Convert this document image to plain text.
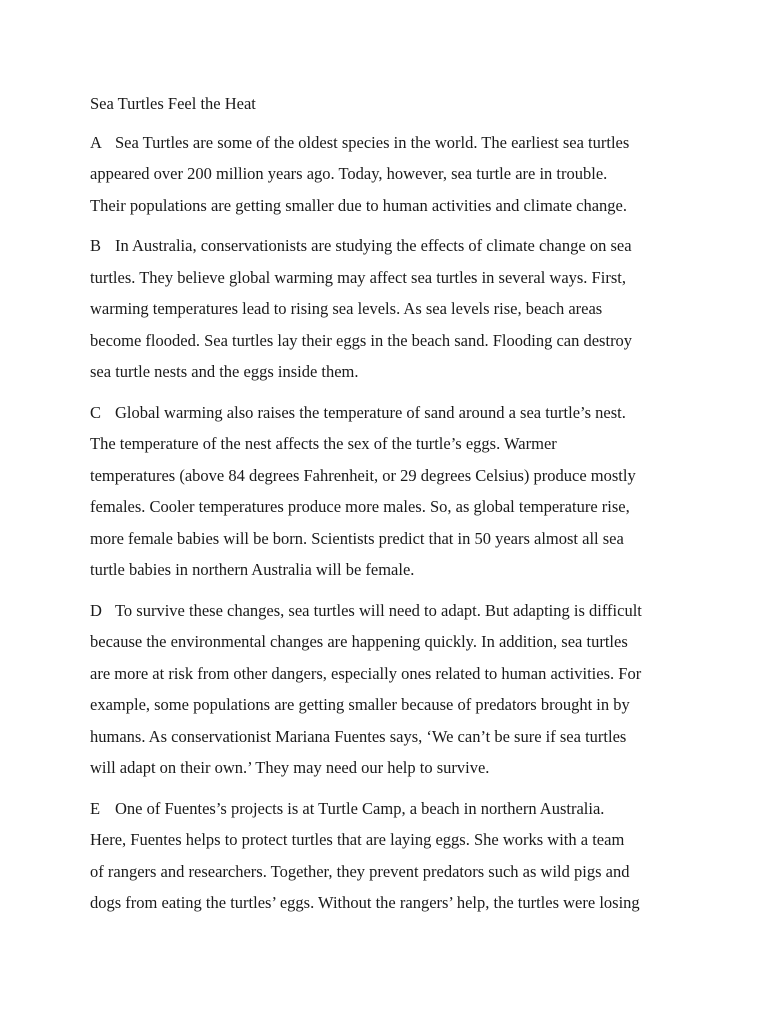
Sea Turtles Feel the Heat
A Sea Turtles are some of the oldest species in the world. The earliest sea turtles
appeared over 200 million years ago. Today, however, sea turtle are in trouble.
Their populations are getting smaller due to human activities and climate change.
B In Australia, conservationists are studying the effects of climate change on sea
turtles. They believe global warming may affect sea turtles in several ways. First,
warming temperatures lead to rising sea levels. As sea levels rise, beach areas
become flooded. Sea turtles lay their eggs in the beach sand. Flooding can destroy
sea turtle nests and the eggs inside them.
C Global warming also raises the temperature of sand around a sea turtle’s nest.
The temperature of the nest affects the sex of the turtle’s eggs. Warmer
temperatures (above 84 degrees Fahrenheit, or 29 degrees Celsius) produce mostly
females. Cooler temperatures produce more males. So, as global temperature rise,
more female babies will be born. Scientists predict that in 50 years almost all sea
turtle babies in northern Australia will be female.
D To survive these changes, sea turtles will need to adapt. But adapting is difficult
because the environmental changes are happening quickly. In addition, sea turtles
are more at risk from other dangers, especially ones related to human activities. For
example, some populations are getting smaller because of predators brought in by
humans. As conservationist Mariana Fuentes says, ‘We can’t be sure if sea turtles
will adapt on their own.’ They may need our help to survive.
E One of Fuentes’s projects is at Turtle Camp, a beach in northern Australia.
Here, Fuentes helps to protect turtles that are laying eggs. She works with a team
of rangers and researchers. Together, they prevent predators such as wild pigs and
dogs from eating the turtles’ eggs. Without the rangers’ help, the turtles were losing
